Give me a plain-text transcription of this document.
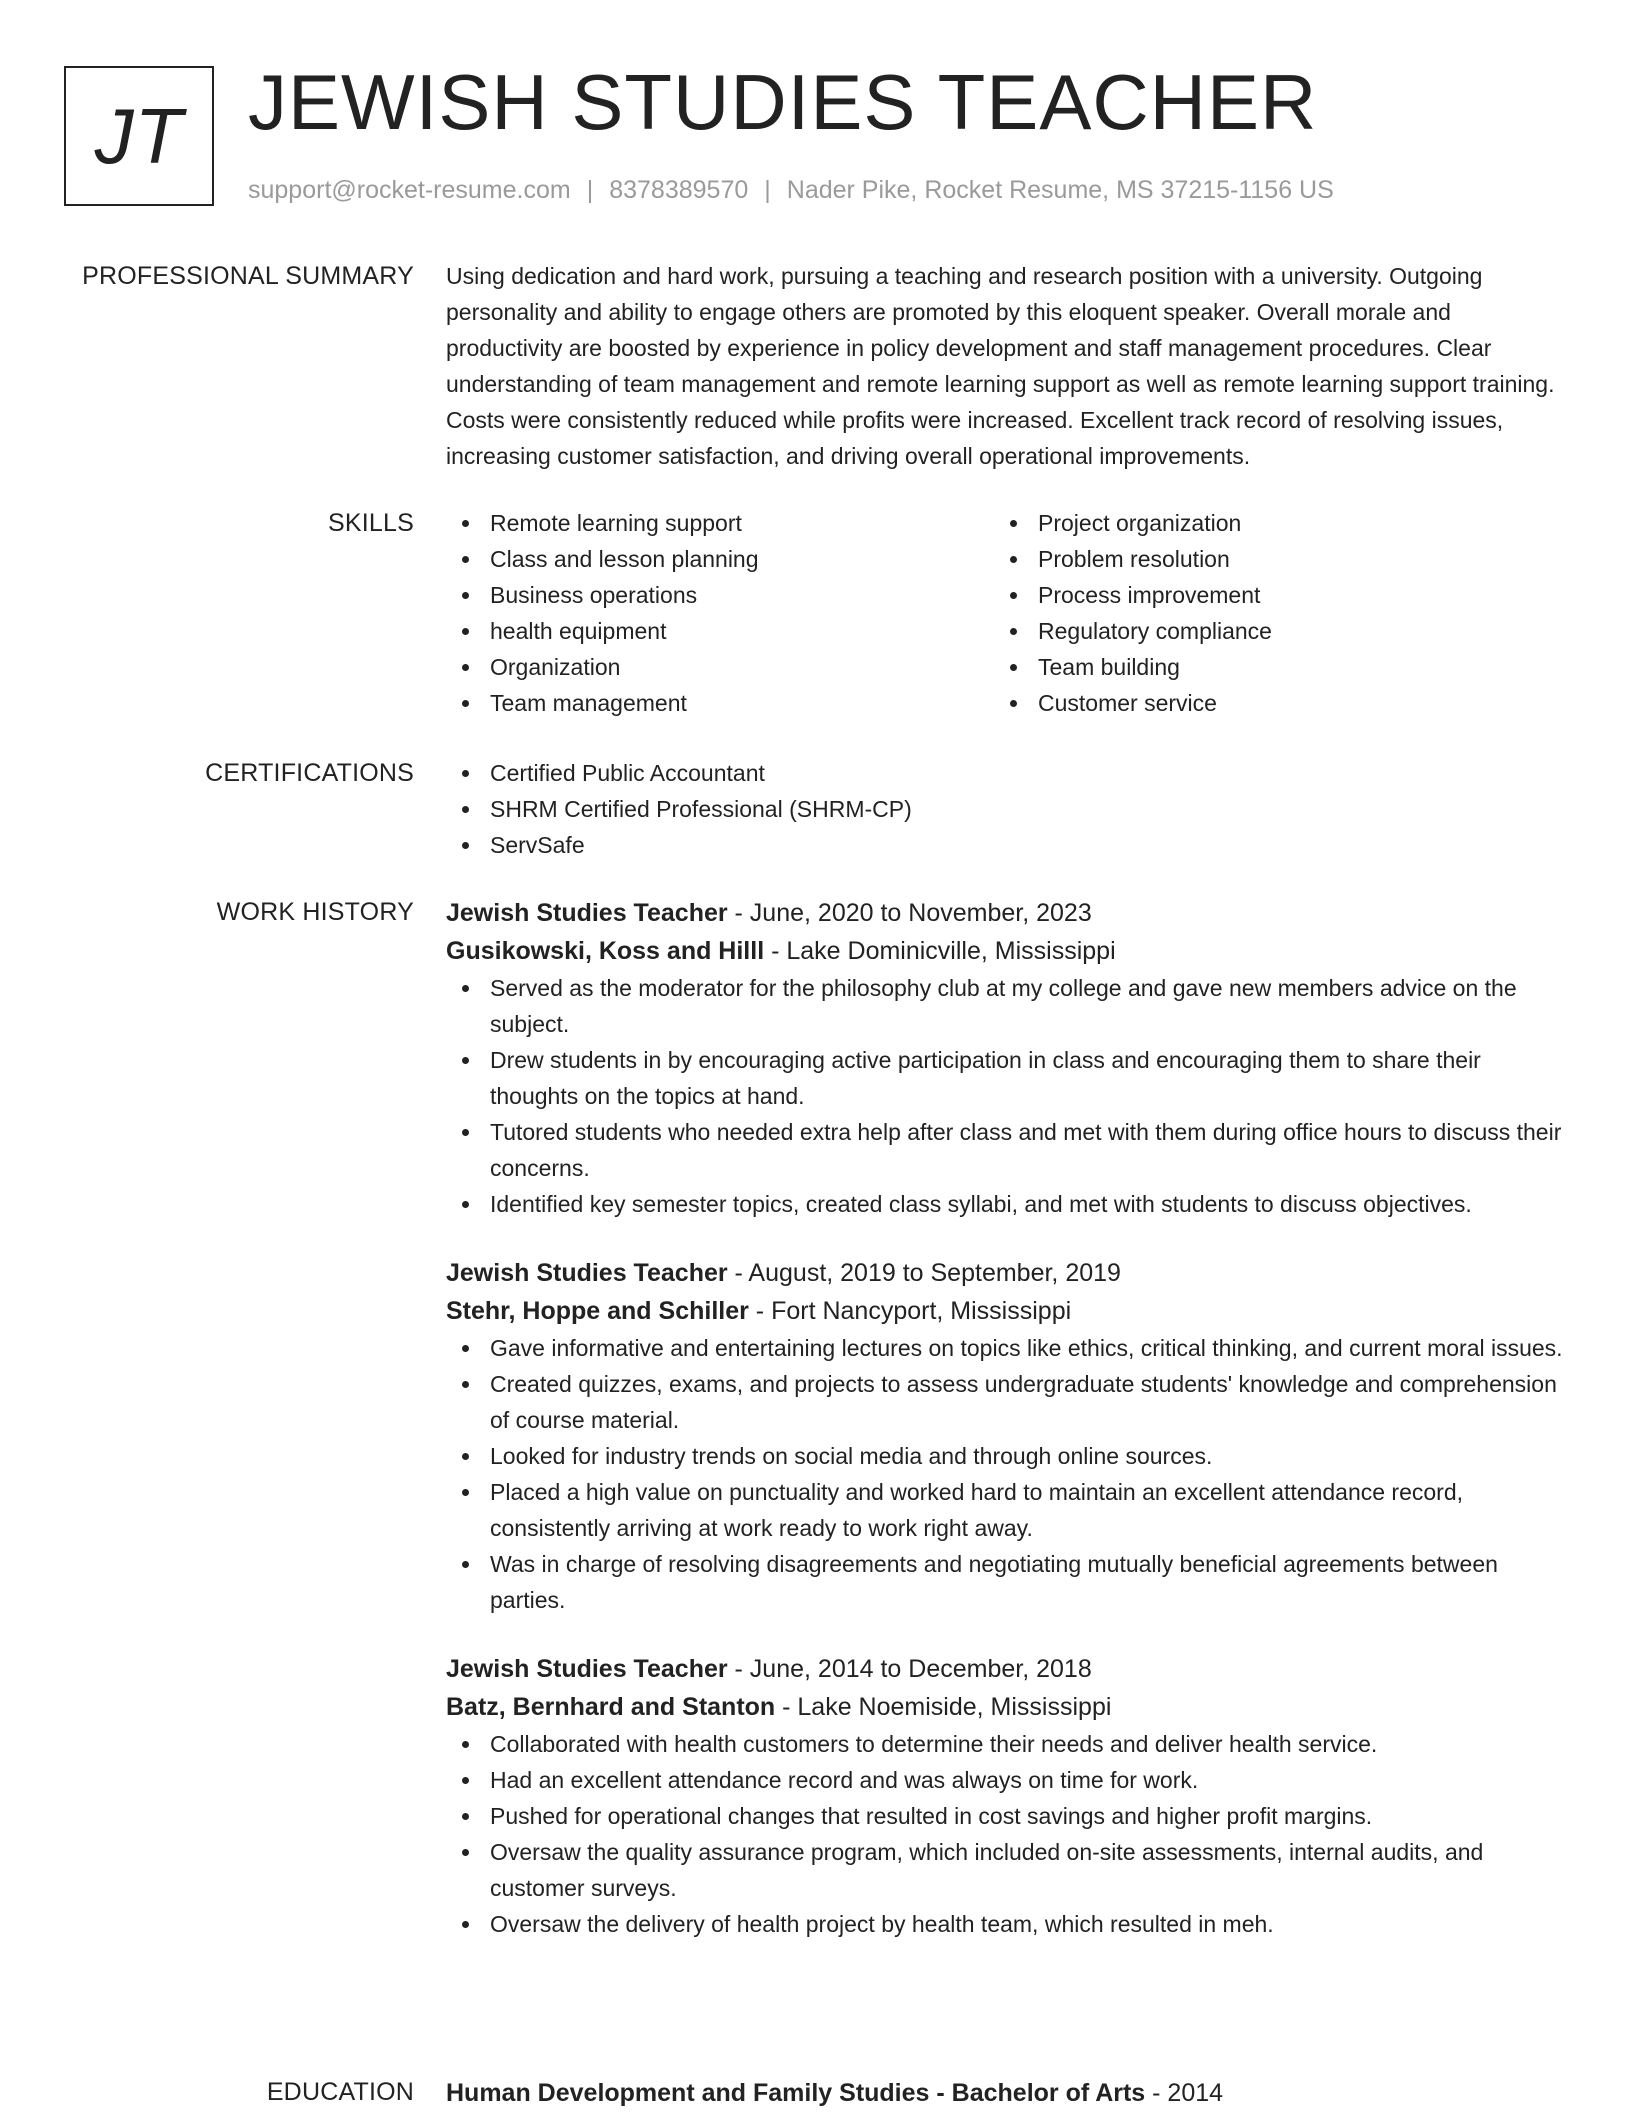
JT JEWISH STUDIES TEACHER
support@rocket-resume.com | 8378389570 | Nader Pike, Rocket Resume, MS 37215-1156 US
PROFESSIONAL SUMMARY Using dedication and hard work, pursuing a teaching and research position with a university. Outgoing personality and ability to engage others are promoted by this eloquent speaker. Overall morale and productivity are boosted by experience in policy development and staff management procedures. Clear understanding of team management and remote learning support as well as remote learning support training. Costs were consistently reduced while profits were increased. Excellent track record of resolving issues, increasing customer satisfaction, and driving overall operational improvements.

SKILLS	Remote learning support
Class and lesson planning
Business operations
health equipment
Organization
Team management
Project organization
Problem resolution
Process improvement
Regulatory compliance
Team building
Customer service
CERTIFICATIONS	Certified Public Accountant
SHRM Certified Professional (SHRM-CP)
ServSafe
WORK HISTORY Jewish Studies Teacher - June, 2020 to November, 2023
Gusikowski, Koss and Hilll - Lake Dominicville, Mississippi
Served as the moderator for the philosophy club at my college and gave new members advice on the subject.
Drew students in by encouraging active participation in class and encouraging them to share their thoughts on the topics at hand.
Tutored students who needed extra help after class and met with them during office hours to discuss their concerns.
Identified key semester topics, created class syllabi, and met with students to discuss objectives.
Jewish Studies Teacher - August, 2019 to September, 2019
Stehr, Hoppe and Schiller - Fort Nancyport, Mississippi
Gave informative and entertaining lectures on topics like ethics, critical thinking, and current moral issues.
Created quizzes, exams, and projects to assess undergraduate students' knowledge and comprehension of course material.
Looked for industry trends on social media and through online sources.
Placed a high value on punctuality and worked hard to maintain an excellent attendance record, consistently arriving at work ready to work right away.
Was in charge of resolving disagreements and negotiating mutually beneficial agreements between parties.
Jewish Studies Teacher - June, 2014 to December, 2018
Batz, Bernhard and Stanton - Lake Noemiside, Mississippi
Collaborated with health customers to determine their needs and deliver health service.
Had an excellent attendance record and was always on time for work.
Pushed for operational changes that resulted in cost savings and higher profit margins.
Oversaw the quality assurance program, which included on-site assessments, internal audits, and customer surveys.
Oversaw the delivery of health project by health team, which resulted in meh.
EDUCATION Human Development and Family Studies - Bachelor of Arts - 2014
